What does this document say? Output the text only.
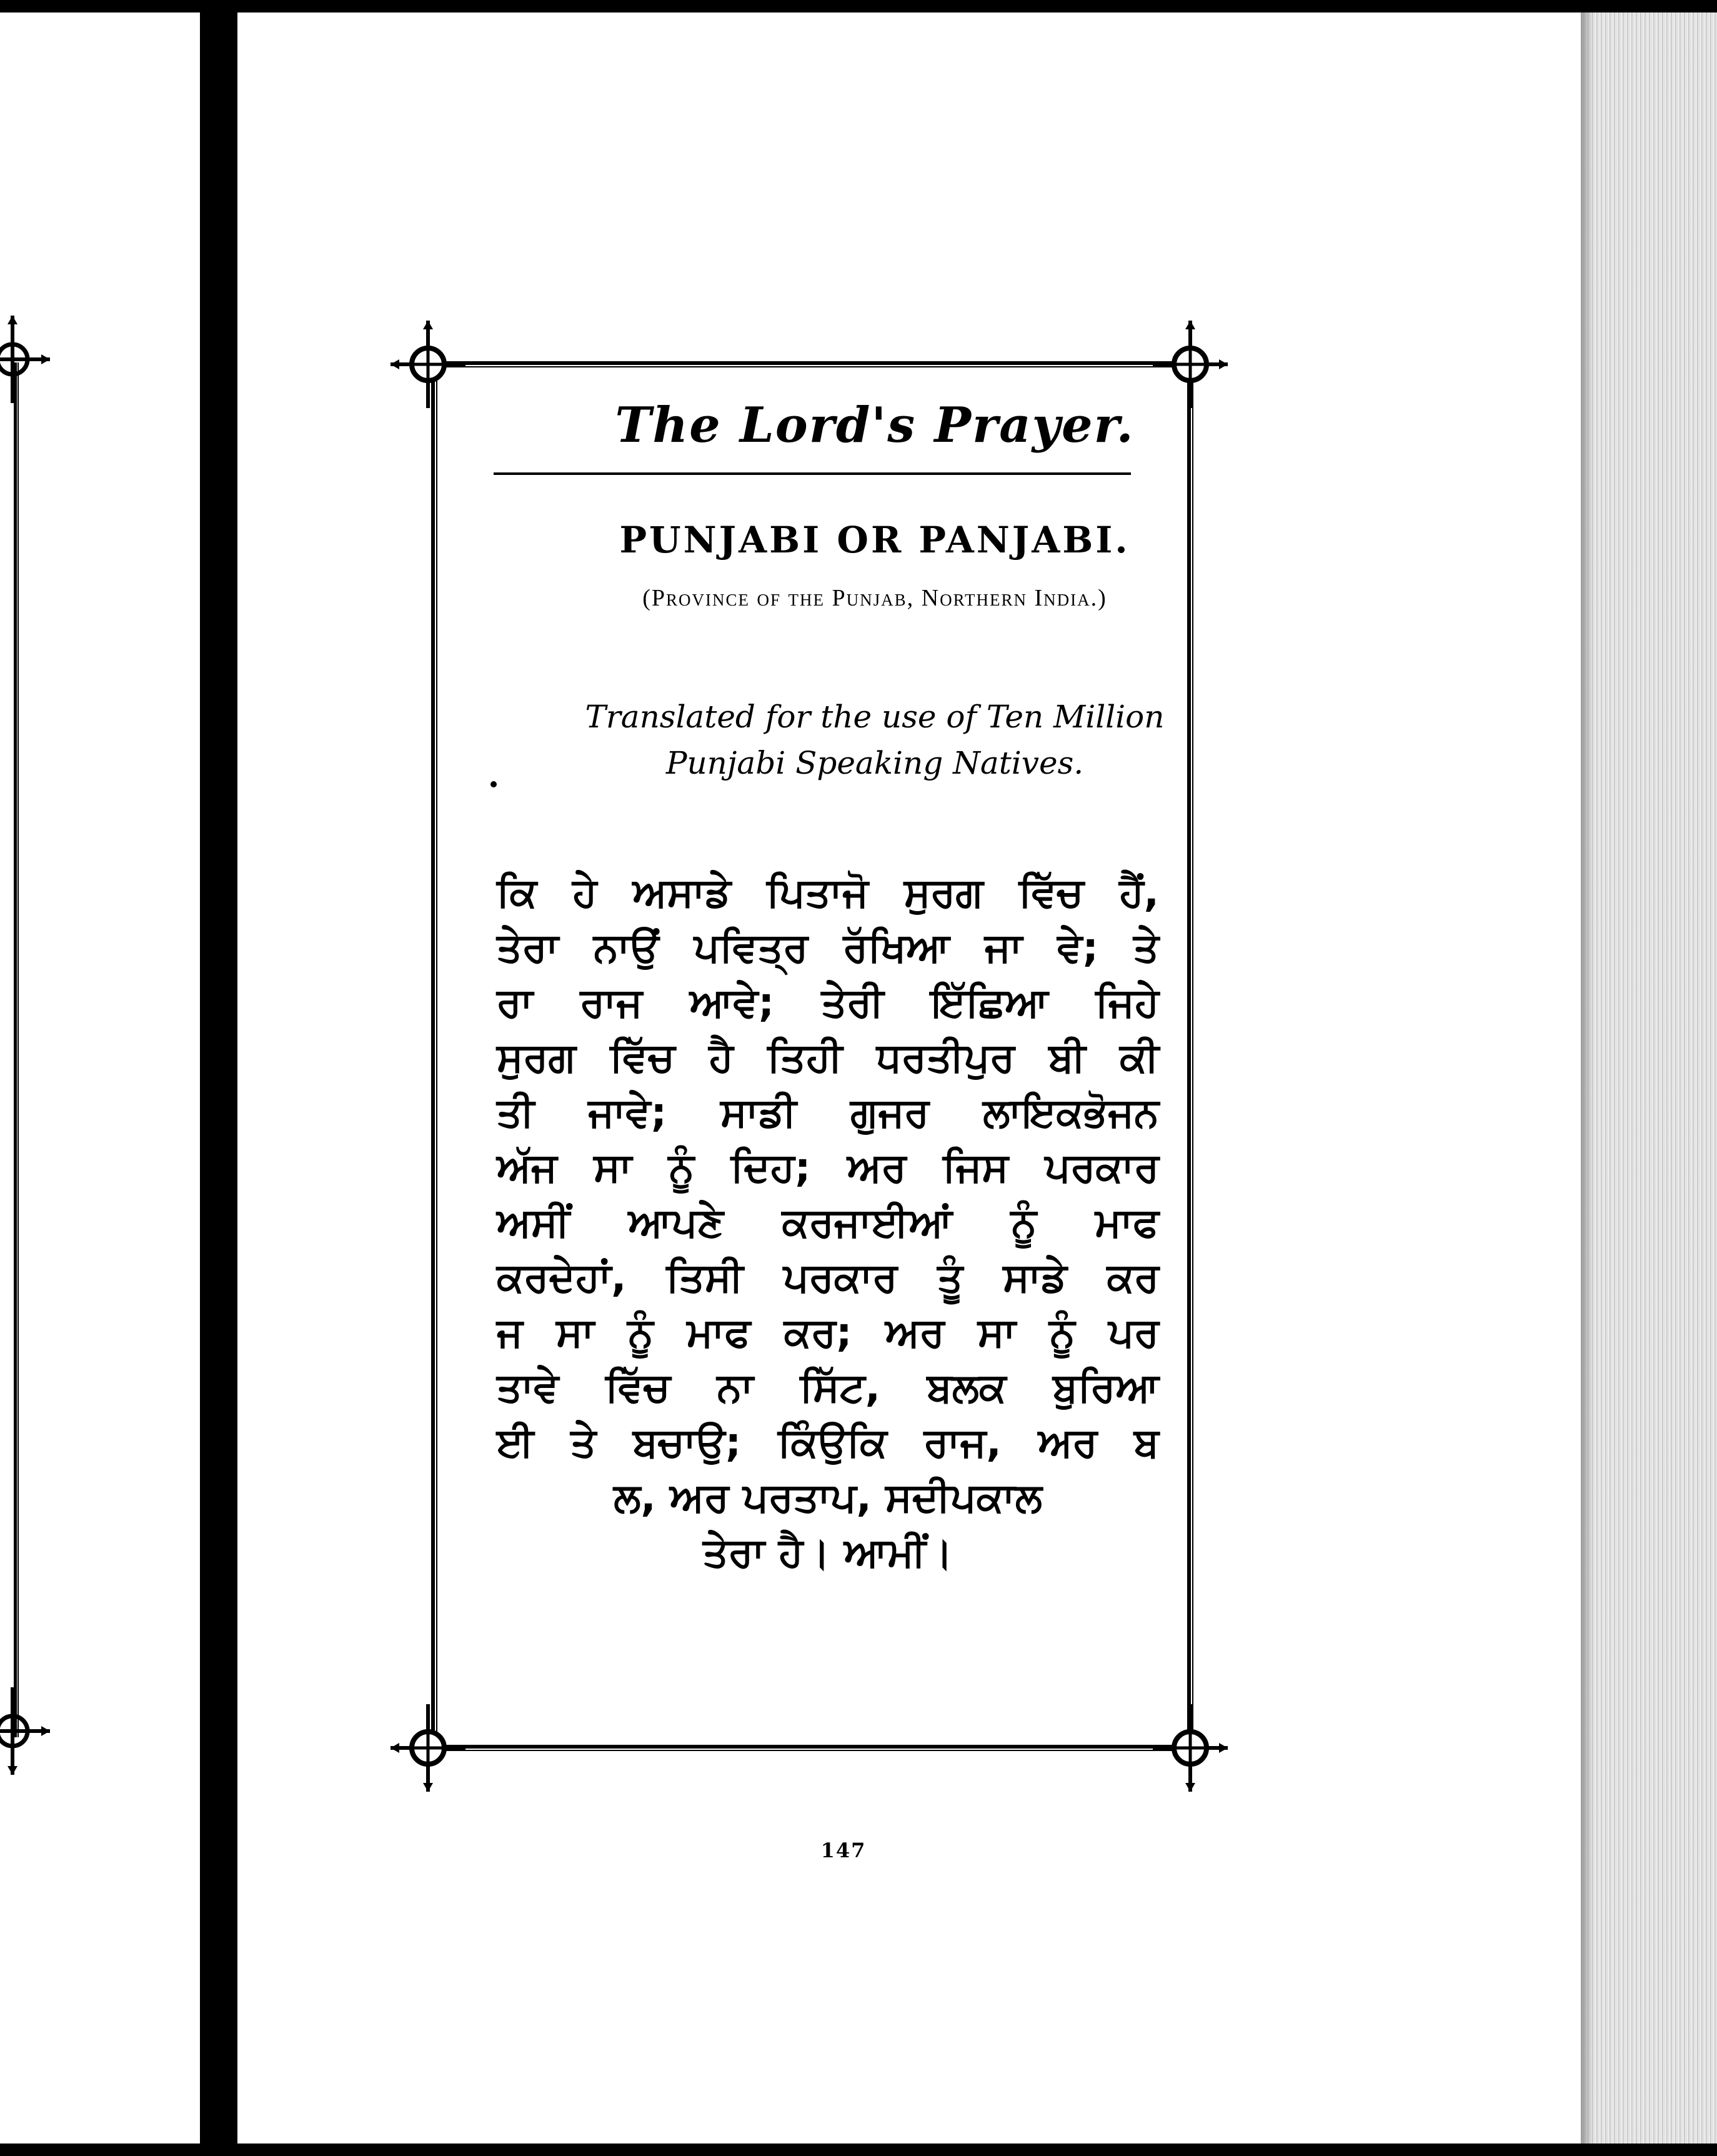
The Lord's Prayer.
PUNJABI OR PANJABI.
(Province of the Punjab, Northern India.)
Translated for the use of Ten Million
Punjabi Speaking Natives.
ਕਿ ਹੇ ਅਸਾਡੇ ਪਿਤਾਜੋ ਸੁਰਗ ਵਿੱਚ ਹੈਂ,
ਤੇਰਾ ਨਾਉਂ ਪਵਿਤ੍ਰ ਰੱਖਿਆ ਜਾ ਵੇ; ਤੇ
ਰਾ ਰਾਜ ਆਵੇ; ਤੇਰੀ ਇੱਛਿਆ ਜਿਹੇ
ਸੁਰਗ ਵਿੱਚ ਹੈ ਤਿਹੀ ਧਰਤੀਪੁਰ ਬੀ ਕੀ
ਤੀ ਜਾਵੇ; ਸਾਡੀ ਗੁਜਰ ਲਾਇਕਭੋਜਨ
ਅੱਜ ਸਾ ਨੂੰ ਦਿਹ; ਅਰ ਜਿਸ ਪਰਕਾਰ
ਅਸੀਂ ਆਪਣੇ ਕਰਜਾਈਆਂ ਨੂੰ ਮਾਫ
ਕਰਦੇਹਾਂ, ਤਿਸੀ ਪਰਕਾਰ ਤੂੰ ਸਾਡੇ ਕਰ
ਜ ਸਾ ਨੂੰ ਮਾਫ ਕਰ; ਅਰ ਸਾ ਨੂੰ ਪਰ
ਤਾਵੇ ਵਿੱਚ ਨਾ ਸਿੱਟ, ਬਲਕ ਬੁਰਿਆ
ਈ ਤੇ ਬਚਾਉ; ਕਿੰਉਕਿ ਰਾਜ, ਅਰ ਬ
ਲ, ਅਰ ਪਰਤਾਪ, ਸਦੀਪਕਾਲ
ਤੇਰਾ ਹੈ। ਆਮੀਂ।
147
